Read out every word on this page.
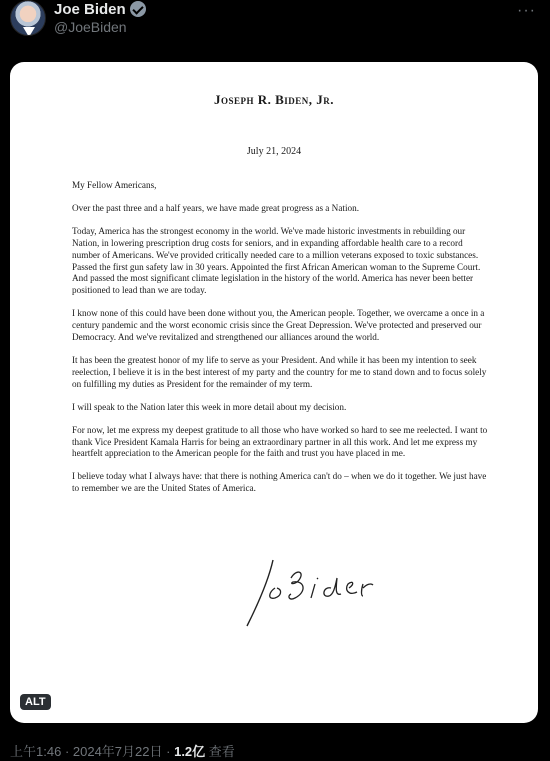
Joe Biden
@JoeBiden
···
Joseph R. Biden, Jr.
July 21, 2024

My Fellow Americans,

Over the past three and a half years, we have made great progress as a Nation.

Today, America has the strongest economy in the world. We've made historic investments in rebuilding our Nation, in lowering prescription drug costs for seniors, and in expanding affordable health care to a record number of Americans. We've provided critically needed care to a million veterans exposed to toxic substances. Passed the first gun safety law in 30 years. Appointed the first African American woman to the Supreme Court. And passed the most significant climate legislation in the history of the world. America has never been better positioned to lead than we are today.

I know none of this could have been done without you, the American people. Together, we overcame a once in a century pandemic and the worst economic crisis since the Great Depression. We've protected and preserved our Democracy. And we've revitalized and strengthened our alliances around the world.

It has been the greatest honor of my life to serve as your President. And while it has been my intention to seek reelection, I believe it is in the best interest of my party and the country for me to stand down and to focus solely on fulfilling my duties as President for the remainder of my term.

I will speak to the Nation later this week in more detail about my decision.

For now, let me express my deepest gratitude to all those who have worked so hard to see me reelected. I want to thank Vice President Kamala Harris for being an extraordinary partner in all this work. And let me express my heartfelt appreciation to the American people for the faith and trust you have placed in me.

I believe today what I always have: that there is nothing America can't do – when we do it together. We just have to remember we are the United States of America.

ALT
上午1:46 · 2024年7月22日 · 1.2亿 查看
